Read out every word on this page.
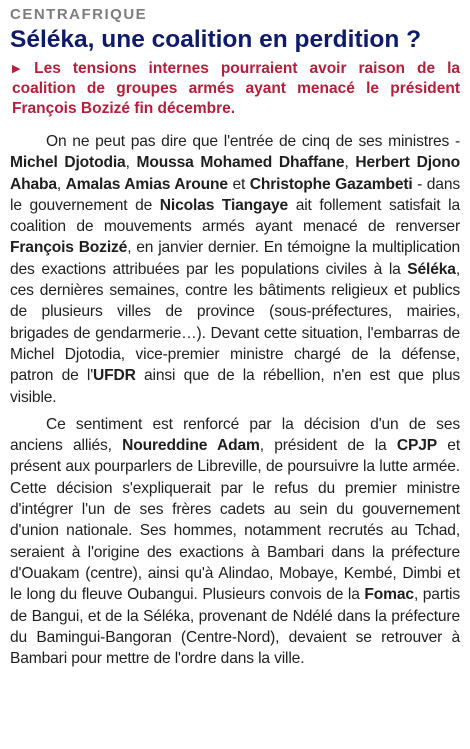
CENTRAFRIQUE
Séléka, une coalition en perdition ?

▶ Les tensions internes pourraient avoir raison de la coalition de groupes armés ayant menacé le président François Bozizé fin décembre.

On ne peut pas dire que l'entrée de cinq de ses ministres - Michel Djotodia, Moussa Mohamed Dhaffane, Herbert Djono Ahaba, Amalas Amias Aroune et Christophe Gazambeti - dans le gouvernement de Nicolas Tiangaye ait follement satisfait la coalition de mouvements armés ayant menacé de renverser François Bozizé, en janvier dernier. En témoigne la multiplication des exactions attribuées par les populations civiles à la Séléka, ces dernières semaines, contre les bâtiments religieux et publics de plusieurs villes de province (sous-préfectures, mairies, brigades de gendarmerie…). Devant cette situation, l'embarras de Michel Djotodia, vice-premier ministre chargé de la défense, patron de l'UFDR ainsi que de la rébellion, n'en est que plus visible.

Ce sentiment est renforcé par la décision d'un de ses anciens alliés, Noureddine Adam, président de la CPJP et présent aux pourparlers de Libreville, de poursuivre la lutte armée. Cette décision s'expliquerait par le refus du premier ministre d'intégrer l'un de ses frères cadets au sein du gouvernement d'union nationale. Ses hommes, notamment recrutés au Tchad, seraient à l'origine des exactions à Bambari dans la préfecture d'Ouakam (centre), ainsi qu'à Alindao, Mobaye, Kembé, Dimbi et le long du fleuve Oubangui. Plusieurs convois de la Fomac, partis de Bangui, et de la Séléka, provenant de Ndélé dans la préfecture du Bamingui-Bangoran (Centre-Nord), devaient se retrouver à Bambari pour mettre de l'ordre dans la ville.
